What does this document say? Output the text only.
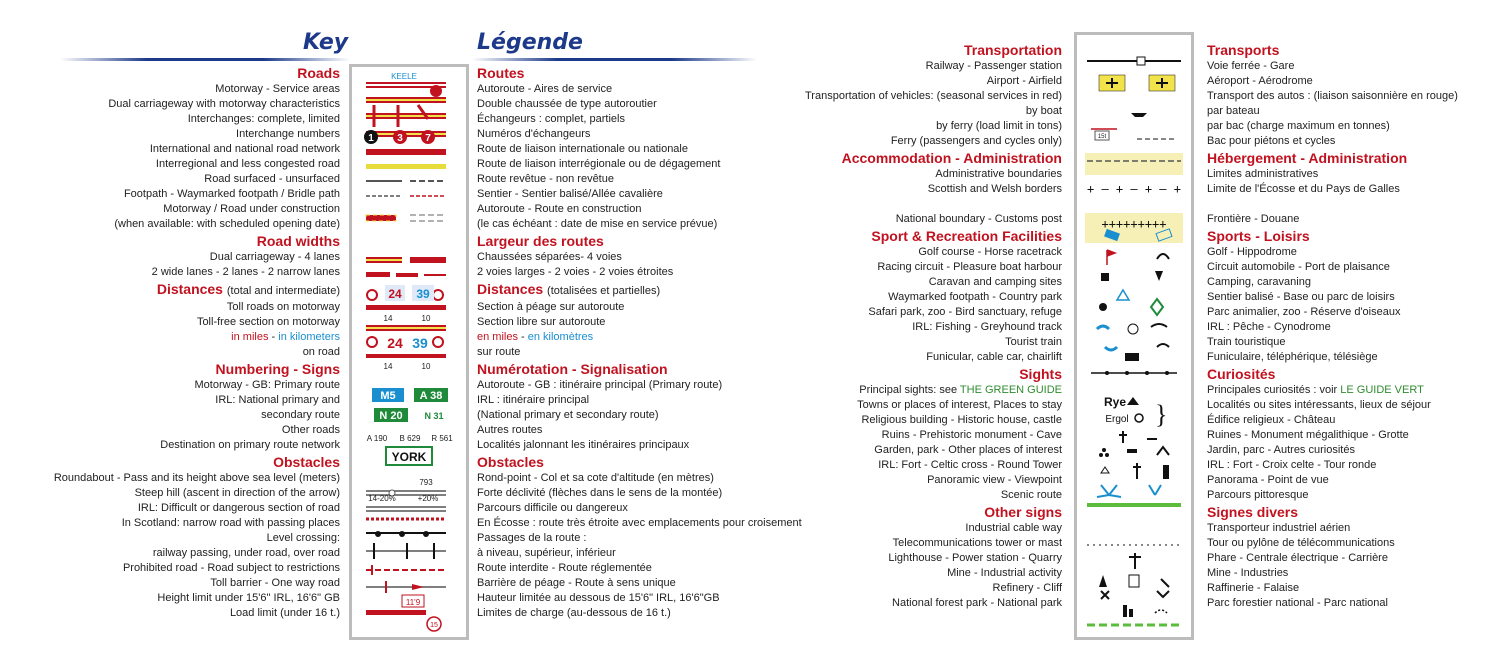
Key	Légende
Roads
Motorway - Service areas
Dual carriageway with motorway characteristics
Interchanges: complete, limited
Interchange numbers
International and national road network
Interregional and less congested road
Road surfaced - unsurfaced
Footpath - Waymarked footpath / Bridle path
Motorway / Road under construction
(when available: with scheduled opening date)
Road widths
Dual carriageway - 4 lanes
2 wide lanes - 2 lanes - 2 narrow lanes
Distances (total and intermediate)
Toll roads on motorway
Toll-free section on motorway
in miles - in kilometers
on road
Numbering - Signs
Motorway - GB: Primary route
IRL: National primary and
secondary route
Other roads
Destination on primary route network
Obstacles
Roundabout - Pass and its height above sea level (meters)
Steep hill (ascent in direction of the arrow)
IRL: Difficult or dangerous section of road
In Scotland: narrow road with passing places
Level crossing:
railway passing, under road, over road
Prohibited road - Road subject to restrictions
Toll barrier - One way road
Height limit under 15'6" IRL, 16'6" GB
Load limit (under 16 t.)
Routes
Autoroute - Aires de service
Double chaussée de type autoroutier
Échangeurs : complet, partiels
Numéros d'échangeurs
Route de liaison internationale ou nationale
Route de liaison interrégionale ou de dégagement
Route revêtue - non revêtue
Sentier - Sentier balisé/Allée cavalière
Autoroute - Route en construction
(le cas échéant : date de mise en service prévue)
Largeur des routes
Chaussées séparées- 4 voies
2 voies larges - 2 voies - 2 voies étroites
Distances (totalisées et partielles)
Section à péage sur autoroute
Section libre sur autoroute
en miles - en kilomètres
sur route
Numérotation - Signalisation
Autoroute - GB : itinéraire principal (Primary route)
IRL : itinéraire principal
(National primary et secondary route)
Autres routes
Localités jalonnant les itinéraires principaux
Obstacles
Rond-point - Col et sa cote d'altitude (en mètres)
Forte déclivité (flèches dans le sens de la montée)
Parcours difficile ou dangereux
En Écosse : route très étroite avec emplacements pour croisement
Passages de la route :
à niveau, supérieur, inférieur
Route interdite - Route réglementée
Barrière de péage - Route à sens unique
Hauteur limitée au dessous de 15'6" IRL, 16'6"GB
Limites de charge (au-dessous de 16 t.)
Transportation
Railway - Passenger station
Airport - Airfield
Transportation of vehicles: (seasonal services in red)
by boat
by ferry (load limit in tons)
Ferry (passengers and cycles only)
Accommodation - Administration
Administrative boundaries
Scottish and Welsh borders

National boundary - Customs post
Sport & Recreation Facilities
Golf course - Horse racetrack
Racing circuit - Pleasure boat harbour
Caravan and camping sites
Waymarked footpath - Country park
Safari park, zoo - Bird sanctuary, refuge
IRL: Fishing - Greyhound track
Tourist train
Funicular, cable car, chairlift
Sights
Principal sights: see THE GREEN GUIDE
Towns or places of interest, Places to stay
Religious building - Historic house, castle
Ruins - Prehistoric monument - Cave
Garden, park - Other places of interest
IRL: Fort - Celtic cross - Round Tower
Panoramic view - Viewpoint
Scenic route
Other signs
Industrial cable way
Telecommunications tower or mast
Lighthouse - Power station - Quarry
Mine - Industrial activity
Refinery - Cliff
National forest park - National park
Transports
Voie ferrée - Gare
Aéroport - Aérodrome
Transport des autos : (liaison saisonnière en rouge)
par bateau
par bac (charge maximum en tonnes)
Bac pour piétons et cycles
Hébergement - Administration
Limites administratives
Limite de l'Écosse et du Pays de Galles

Frontière - Douane
Sports - Loisirs
Golf - Hippodrome
Circuit automobile - Port de plaisance
Camping, caravaning
Sentier balisé - Base ou parc de loisirs
Parc animalier, zoo - Réserve d'oiseaux
IRL : Pêche - Cynodrome
Train touristique
Funiculaire, téléphérique, télésiège
Curiosités
Principales curiosités : voir LE GUIDE VERT
Localités ou sites intéressants, lieux de séjour
Édifice religieux - Château
Ruines - Monument mégalithique - Grotte
Jardin, parc - Autres curiosités
IRL : Fort - Croix celte - Tour ronde
Panorama - Point de vue
Parcours pittoresque
Signes divers
Transporteur industriel aérien
Tour ou pylône de télécommunications
Phare - Centrale électrique - Carrière
Mine - Industries
Raffinerie - Falaise
Parc forestier national - Parc national
KEELE
1 3 7
24 39
14	10
24 39
14	10
M5 A 38
N 20 N 31
A 190 B 629 R 561
YORK
793
14-20%	+20%
11'9
15
15t
+ – + – + – +
+++++++++
Rye
Ergol }
